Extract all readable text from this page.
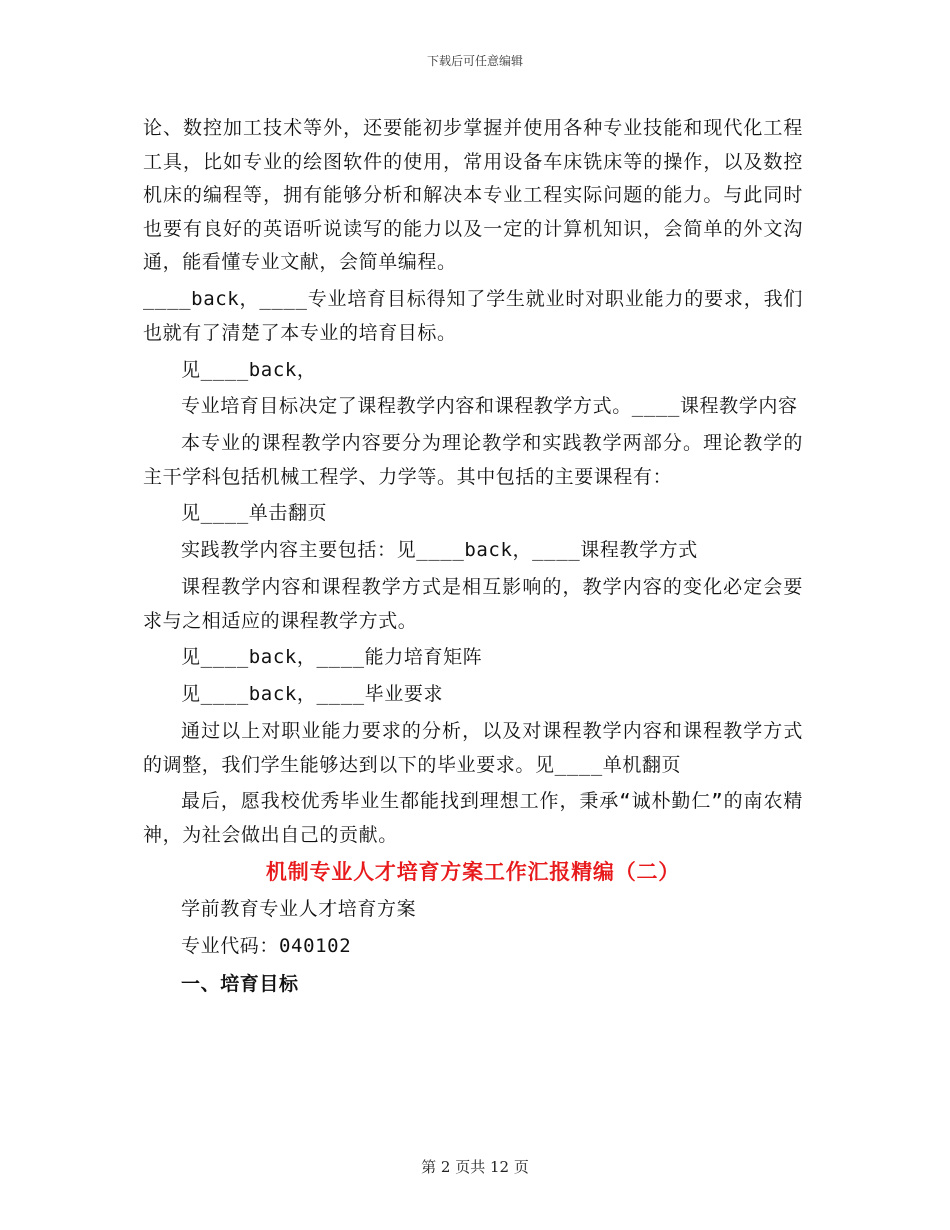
下载后可任意编辑

论、数控加工技术等外，还要能初步掌握并使用各种专业技能和现代化工程工具，比如专业的绘图软件的使用，常用设备车床铣床等的操作，以及数控机床的编程等，拥有能够分析和解决本专业工程实际问题的能力。与此同时也要有良好的英语听说读写的能力以及一定的计算机知识，会简单的外文沟通，能看懂专业文献，会简单编程。

____back，____专业培育目标得知了学生就业时对职业能力的要求，我们也就有了清楚了本专业的培育目标。

见____back，

专业培育目标决定了课程教学内容和课程教学方式。____课程教学内容

本专业的课程教学内容要分为理论教学和实践教学两部分。理论教学的主干学科包括机械工程学、力学等。其中包括的主要课程有：

见____单击翻页

实践教学内容主要包括：见____back，____课程教学方式

课程教学内容和课程教学方式是相互影响的，教学内容的变化必定会要求与之相适应的课程教学方式。

见____back，____能力培育矩阵

见____back，____毕业要求

通过以上对职业能力要求的分析，以及对课程教学内容和课程教学方式的调整，我们学生能够达到以下的毕业要求。见____单机翻页

最后，愿我校优秀毕业生都能找到理想工作，秉承“诚朴勤仁”的南农精神，为社会做出自己的贡献。

机制专业人才培育方案工作汇报精编（二）

学前教育专业人才培育方案

专业代码：040102

一、培育目标

第 2 页共 12 页
